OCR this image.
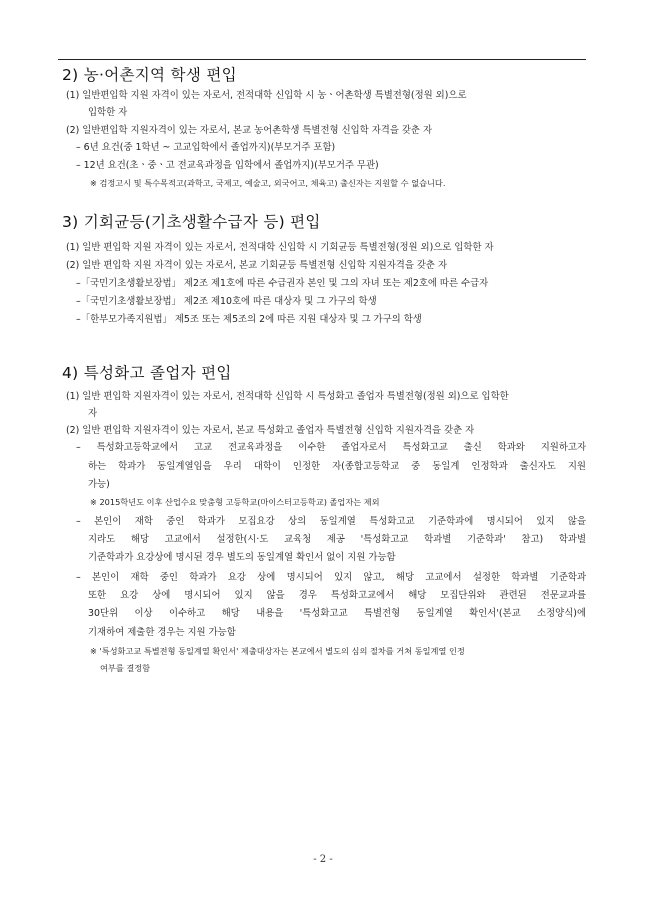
2) 농·어촌지역 학생 편입
(1) 일반편입학 지원 자격이 있는 자로서, 전적대학 신입학 시 농ㆍ어촌학생 특별전형(정원 외)으로
입학한 자
(2) 일반편입학 지원자격이 있는 자로서, 본교 농어촌학생 특별전형 신입학 자격을 갖춘 자
– 6년 요건(중 1학년 ~ 고교입학에서 졸업까지)(부모거주 포함)
– 12년 요건(초ㆍ중ㆍ고 전교육과정을 입학에서 졸업까지)(부모거주 무관)
※ 검정고시 및 특수목적고(과학고, 국제고, 예술고, 외국어고, 체육고) 출신자는 지원할 수 없습니다.
3) 기회균등(기초생활수급자 등) 편입
(1) 일반 편입학 지원 자격이 있는 자로서, 전적대학 신입학 시 기회균등 특별전형(정원 외)으로 입학한 자
(2) 일반 편입학 지원 자격이 있는 자로서, 본교 기회균등 특별전형 신입학 지원자격을 갖춘 자
–「국민기초생활보장법」 제2조 제1호에 따른 수급권자 본인 및 그의 자녀 또는 제2호에 따른 수급자
–「국민기초생활보장법」 제2조 제10호에 따른 대상자 및 그 가구의 학생
–「한부모가족지원법」 제5조 또는 제5조의 2에 따른 지원 대상자 및 그 가구의 학생
4) 특성화고 졸업자 편입
(1) 일반 편입학 지원자격이 있는 자로서, 전적대학 신입학 시 특성화고 졸업자 특별전형(정원 외)으로 입학한
자
(2) 일반 편입학 지원자격이 있는 자로서, 본교 특성화고 졸업자 특별전형 신입학 지원자격을 갖춘 자
– 특성화고등학교에서 고교 전교육과정을 이수한 졸업자로서 특성화고교 출신 학과와 지원하고자
하는 학과가 동일계열임을 우리 대학이 인정한 자(종합고등학교 중 동일계 인정학과 출신자도 지원
가능)
※ 2015학년도 이후 산업수요 맞춤형 고등학교(마이스터고등학교) 졸업자는 제외
– 본인이 재학 중인 학과가 모집요강 상의 동일계열 특성화고교 기준학과에 명시되어 있지 않을
지라도 해당 고교에서 설정한(시·도 교육청 제공 '특성화고교 학과별 기준학과' 참고) 학과별
기준학과가 요강상에 명시된 경우 별도의 동일계열 확인서 없이 지원 가능함
– 본인이 재학 중인 학과가 요강 상에 명시되어 있지 않고, 해당 고교에서 설정한 학과별 기준학과
또한 요강 상에 명시되어 있지 않을 경우 특성화고교에서 해당 모집단위와 관련된 전문교과를
30단위 이상 이수하고 해당 내용을 '특성화고교 특별전형 동일계열 확인서'(본교 소정양식)에
기재하여 제출한 경우는 지원 가능함
※ '특성화고교 특별전형 동일계열 확인서' 제출대상자는 본교에서 별도의 심의 절차를 거쳐 동일계열 인정
여부를 결정함
- 2 -
